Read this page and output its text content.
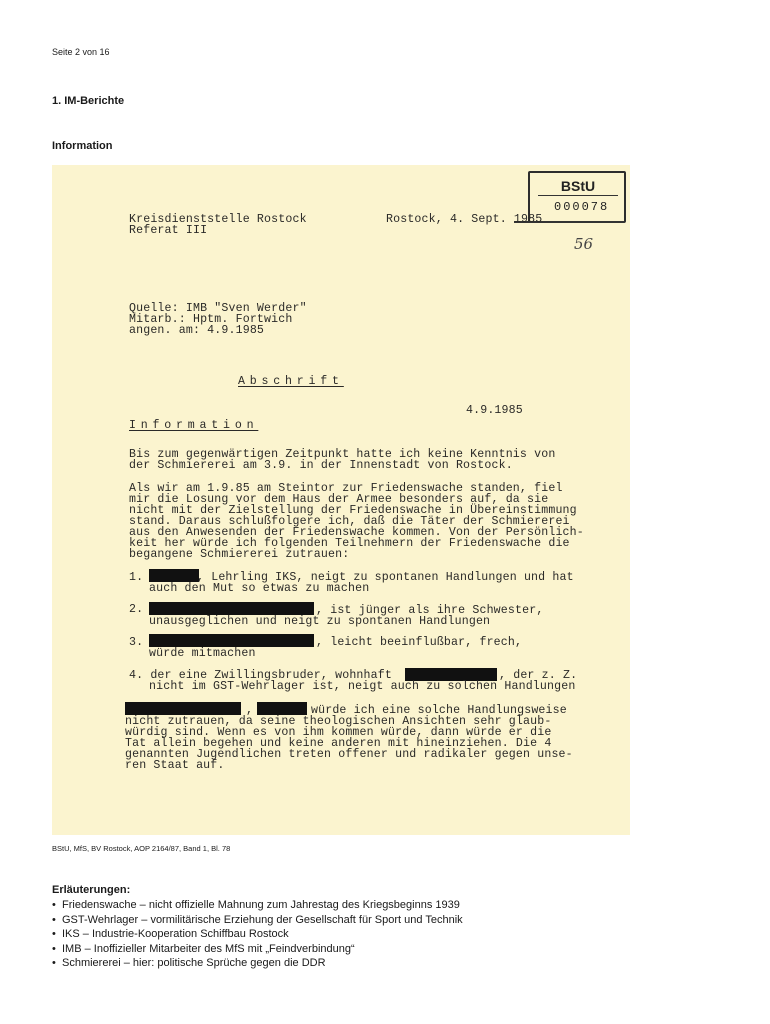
Seite 2 von 16
1. IM-Berichte
Information
BStU
000078
56
Kreisdienststelle Rostock
Referat III
Rostock, 4. Sept. 1985
Quelle: IMB "Sven Werder"
Mitarb.: Hptm. Fortwich
angen. am: 4.9.1985
Abschrift
4.9.1985
Information
Bis zum gegenwärtigen Zeitpunkt hatte ich keine Kenntnis von
der Schmiererei am 3.9. in der Innenstadt von Rostock.
Als wir am 1.9.85 am Steintor zur Friedenswache standen, fiel
mir die Losung vor dem Haus der Armee besonders auf, da sie
nicht mit der Zielstellung der Friedenswache in Übereinstimmung
stand. Daraus schlußfolgere ich, daß die Täter der Schmiererei
aus den Anwesenden der Friedenswache kommen. Von der Persönlich-
keit her würde ich folgenden Teilnehmern der Friedenswache die
begangene Schmiererei zutrauen:
1.	, Lehrling IKS, neigt zu spontanen Handlungen und hat
auch den Mut so etwas zu machen
2.	, ist jünger als ihre Schwester,
unausgeglichen und neigt zu spontanen Handlungen
3.	, leicht beeinflußbar, frech,
würde mitmachen
4. der eine Zwillingsbruder, wohnhaft	, der z. Z.
nicht im GST-Wehrlager ist, neigt auch zu solchen Handlungen
,	würde ich eine solche Handlungsweise
nicht zutrauen, da seine theologischen Ansichten sehr glaub-
würdig sind. Wenn es von ihm kommen würde, dann würde er die
Tat allein begehen und keine anderen mit hineinziehen. Die 4
genannten Jugendlichen treten offener und radikaler gegen unse-
ren Staat auf.
BStU, MfS, BV Rostock, AOP 2164/87, Band 1, Bl. 78
Erläuterungen:
• Friedenswache – nicht offizielle Mahnung zum Jahrestag des Kriegsbeginns 1939
• GST-Wehrlager – vormilitärische Erziehung der Gesellschaft für Sport und Technik
• IKS – Industrie-Kooperation Schiffbau Rostock
• IMB – Inoffizieller Mitarbeiter des MfS mit „Feindverbindung“
• Schmiererei – hier: politische Sprüche gegen die DDR
